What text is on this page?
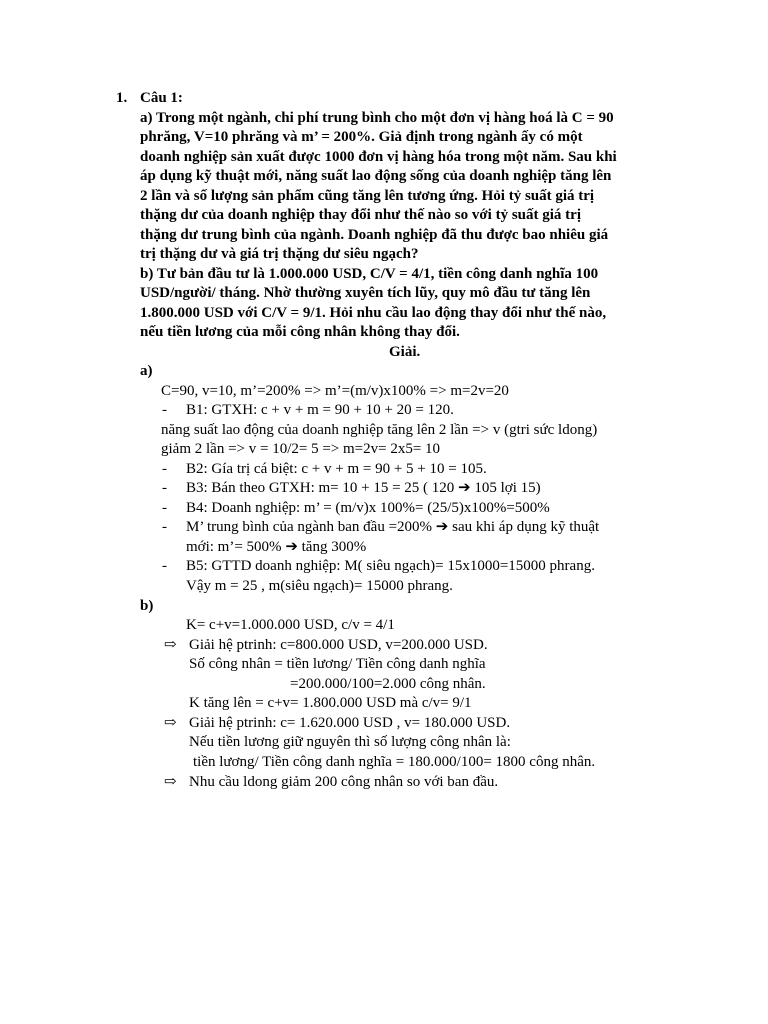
1. Câu 1:
a) Trong một ngành, chi phí trung bình cho một đơn vị hàng hoá là C = 90
phrăng, V=10 phrăng và m’ = 200%. Giả định trong ngành ấy có một
doanh nghiệp sản xuất được 1000 đơn vị hàng hóa trong một năm. Sau khi
áp dụng kỹ thuật mới, năng suất lao động sống của doanh nghiệp tăng lên
2 lần và số lượng sản phẩm cũng tăng lên tương ứng. Hỏi tỷ suất giá trị
thặng dư của doanh nghiệp thay đổi như thế nào so với tỷ suất giá trị
thặng dư trung bình của ngành. Doanh nghiệp đã thu được bao nhiêu giá
trị thặng dư và giá trị thặng dư siêu ngạch?
b) Tư bản đầu tư là 1.000.000 USD, C/V = 4/1, tiền công danh nghĩa 100
USD/người/ tháng. Nhờ thường xuyên tích lũy, quy mô đầu tư tăng lên
1.800.000 USD với C/V = 9/1. Hỏi nhu cầu lao động thay đổi như thế nào,
nếu tiền lương của mỗi công nhân không thay đổi.
Giải.
a)
C=90, v=10, m’=200% => m’=(m/v)x100% => m=2v=20
- B1: GTXH: c + v + m = 90 + 10 + 20 = 120.
năng suất lao động của doanh nghiệp tăng lên 2 lần => v (gtri sức ldong)
giảm 2 lần => v = 10/2= 5 => m=2v= 2x5= 10
- B2: Gía trị cá biệt: c + v + m = 90 + 5 + 10 = 105.
- B3: Bán theo GTXH: m= 10 + 15 = 25 ( 120 ➔ 105 lợi 15)
- B4: Doanh nghiệp: m’ = (m/v)x 100%= (25/5)x100%=500%
- M’ trung bình của ngành ban đầu =200% ➔ sau khi áp dụng kỹ thuật
mới: m’= 500% ➔ tăng 300%
- B5: GTTD doanh nghiệp: M( siêu ngạch)= 15x1000=15000 phrang.
Vậy m = 25 , m(siêu ngạch)= 15000 phrang.
b)
K= c+v=1.000.000 USD, c/v = 4/1
⇨ Giải hệ ptrinh: c=800.000 USD, v=200.000 USD.
Số công nhân = tiền lương/ Tiền công danh nghĩa
=200.000/100=2.000 công nhân.
K tăng lên = c+v= 1.800.000 USD mà c/v= 9/1
⇨ Giải hệ ptrinh: c= 1.620.000 USD , v= 180.000 USD.
Nếu tiền lương giữ nguyên thì số lượng công nhân là:
tiền lương/ Tiền công danh nghĩa = 180.000/100= 1800 công nhân.
⇨ Nhu cầu ldong giảm 200 công nhân so với ban đầu.
